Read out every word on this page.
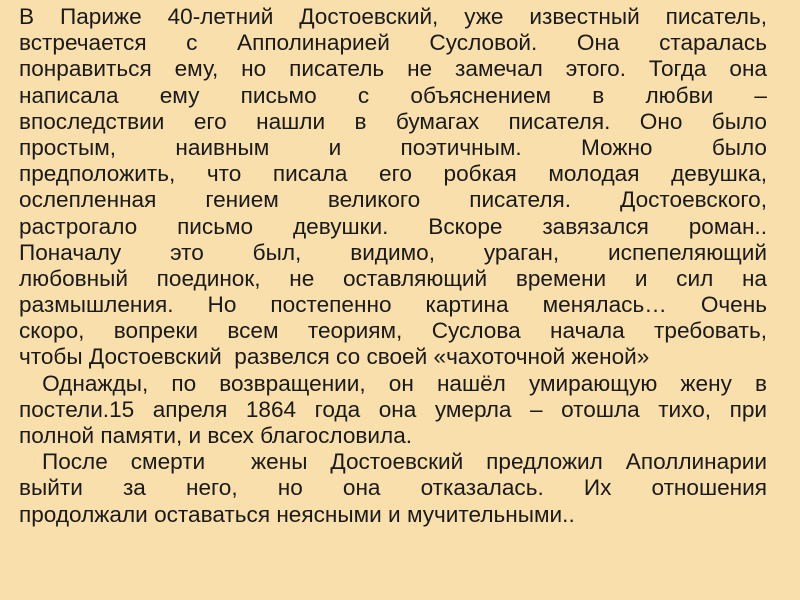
В Париже 40-летний Достоевский, уже известный писатель,
встречается с Апполинарией Сусловой. Она старалась
понравиться ему, но писатель не замечал этого. Тогда она
написала ему письмо с объяснением в любви –
впоследствии его нашли в бумагах писателя. Оно было
простым, наивным и поэтичным. Можно было
предположить, что писала его робкая молодая девушка,
ослепленная гением великого писателя. Достоевского,
растрогало письмо девушки. Вскоре завязался роман..
Поначалу это был, видимо, ураган, испепеляющий
любовный поединок, не оставляющий времени и сил на
размышления. Но постепенно картина менялась… Очень
скоро, вопреки всем теориям, Суслова начала требовать,
чтобы Достоевский  развелся со своей «чахоточной женой»
Однажды, по возвращении, он нашёл умирающую жену в
постели.15 апреля 1864 года она умерла – отошла тихо, при
полной памяти, и всех благословила.
После смерти  жены Достоевский предложил Аполлинарии
выйти за него, но она отказалась. Их отношения
продолжали оставаться неясными и мучительными..
